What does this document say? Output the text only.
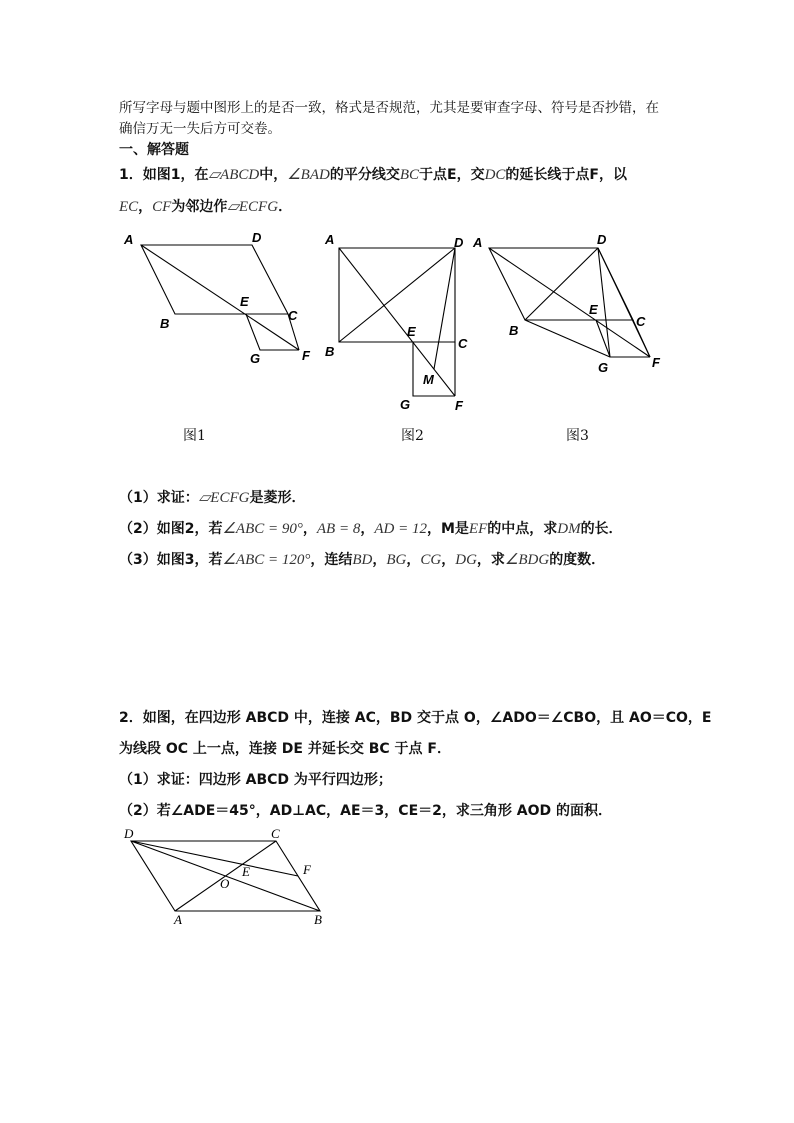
所写字母与题中图形上的是否一致，格式是否规范，尤其是要审查字母、符号是否抄错，在
确信万无一失后方可交卷。
一、解答题
1．如图1，在▱ABCD中，∠BAD的平分线交BC于点E，交DC的延长线于点F，以
EC，CF为邻边作▱ECFG．
A	D
B
E
C
G	F
A	D
B
E
C
M
G	F
A	D
B
E
C
G	F
图1	图2	图3
（1）求证：▱ECFG是菱形．
（2）如图2，若∠ABC = 90°，AB = 8，AD = 12，M是EF的中点，求DM的长．
（3）如图3，若∠ABC = 120°，连结BD，BG，CG，DG，求∠BDG的度数．
2．如图，在四边形 ABCD 中，连接 AC，BD 交于点 O，∠ADO＝∠CBO，且 AO＝CO，E
为线段 OC 上一点，连接 DE 并延长交 BC 于点 F．
（1）求证：四边形 ABCD 为平行四边形；
（2）若∠ADE＝45°，AD⊥AC，AE＝3，CE＝2，求三角形 AOD 的面积．
D	C
F
E
O
A	B
